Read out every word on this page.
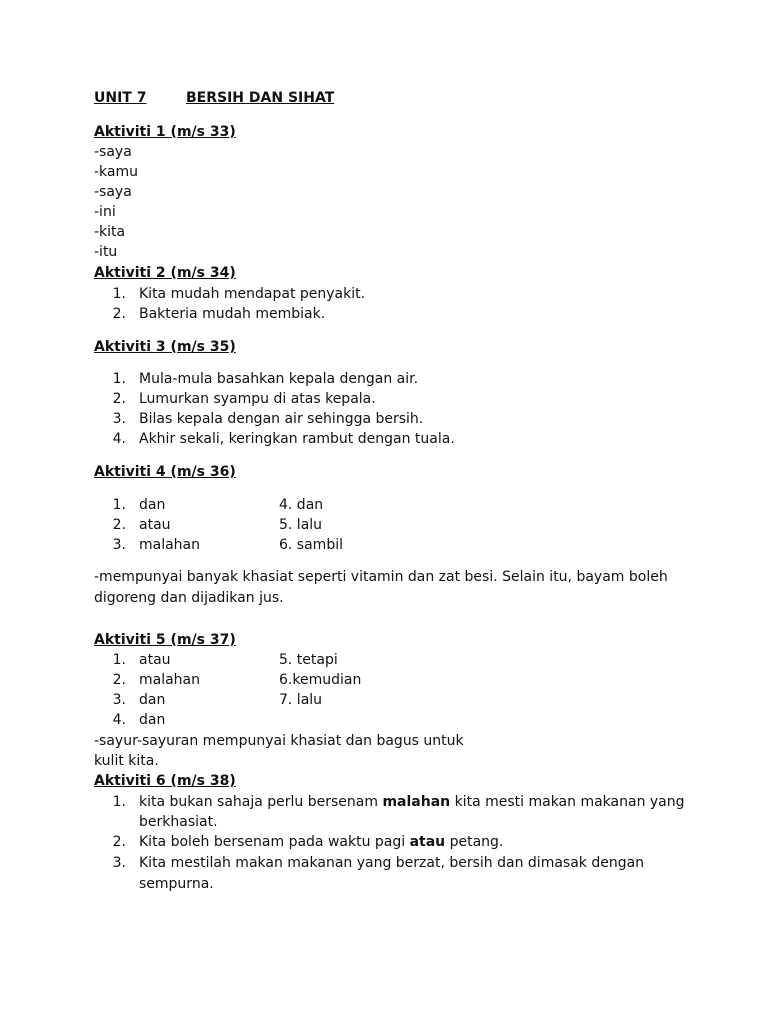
UNIT 7	BERSIH DAN SIHAT
Aktiviti 1 (m/s 33)
-saya
-kamu
-saya
-ini
-kita
-itu
Aktiviti 2 (m/s 34)
1. Kita mudah mendapat penyakit.
2. Bakteria mudah membiak.
Aktiviti 3 (m/s 35)
1. Mula-mula basahkan kepala dengan air.
2. Lumurkan syampu di atas kepala.
3. Bilas kepala dengan air sehingga bersih.
4. Akhir sekali, keringkan rambut dengan tuala.
Aktiviti 4 (m/s 36)
1. dan
2. atau
3. malahan
4. dan
5. lalu
6. sambil
-mempunyai banyak khasiat seperti vitamin dan zat besi. Selain itu, bayam boleh digoreng dan dijadikan jus.
Aktiviti 5 (m/s 37)
1. atau
2. malahan
3. dan
4. dan
5. tetapi
6.kemudian
7. lalu
-sayur-sayuran mempunyai khasiat dan bagus untuk
kulit kita.
Aktiviti 6 (m/s 38)
1. kita bukan sahaja perlu bersenam malahan kita mesti makan makanan yang
berkhasiat.
2. Kita boleh bersenam pada waktu pagi atau petang.
3. Kita mestilah makan makanan yang berzat, bersih dan dimasak dengan
sempurna.
